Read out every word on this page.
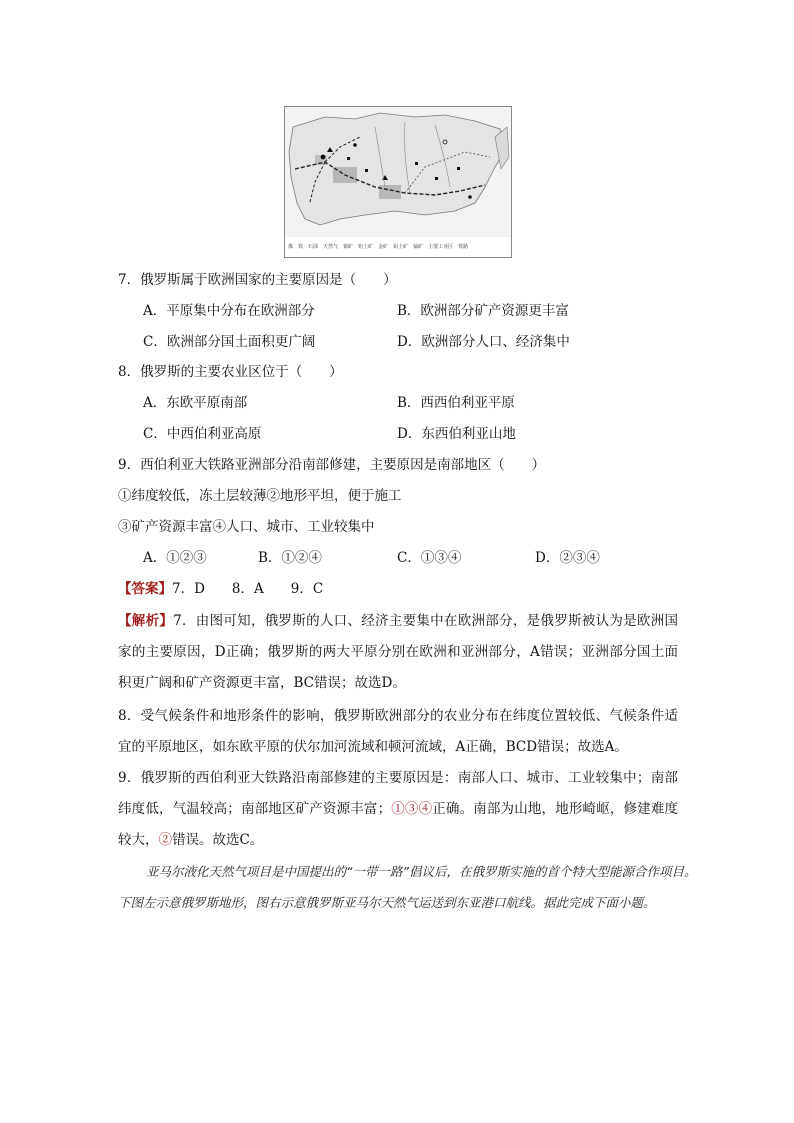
煤 铁 石油 天然气 铜矿 铝土矿 金矿 铅土矿 锰矿 主要工业区 铁路
7．俄罗斯属于欧洲国家的主要原因是（　　）
A．平原集中分布在欧洲部分	B．欧洲部分矿产资源更丰富
C．欧洲部分国土面积更广阔	D．欧洲部分人口、经济集中
8．俄罗斯的主要农业区位于（　　）
A．东欧平原南部	B．西西伯利亚平原
C．中西伯利亚高原	D．东西伯利亚山地
9．西伯利亚大铁路亚洲部分沿南部修建，主要原因是南部地区（　　）
①纬度较低，冻土层较薄②地形平坦，便于施工
③矿产资源丰富④人口、城市、工业较集中
A．①②③	B．①②④	C．①③④	D．②③④
【答案】7．D　　8．A　　9．C
【解析】7．由图可知，俄罗斯的人口、经济主要集中在欧洲部分，是俄罗斯被认为是欧洲国家的主要原因，D正确；俄罗斯的两大平原分别在欧洲和亚洲部分，A错误；亚洲部分国土面积更广阔和矿产资源更丰富，BC错误；故选D。
8．受气候条件和地形条件的影响，俄罗斯欧洲部分的农业分布在纬度位置较低、气候条件适宜的平原地区，如东欧平原的伏尔加河流域和顿河流域，A正确，BCD错误；故选A。
9．俄罗斯的西伯利亚大铁路沿南部修建的主要原因是：南部人口、城市、工业较集中；南部纬度低，气温较高；南部地区矿产资源丰富；①③④正确。南部为山地，地形崎岖，修建难度较大，②错误。故选C。
亚马尔液化天然气项目是中国提出的“一带一路”倡议后，在俄罗斯实施的首个特大型能源合作项目。下图左示意俄罗斯地形，图右示意俄罗斯亚马尔天然气运送到东亚港口航线。据此完成下面小题。
